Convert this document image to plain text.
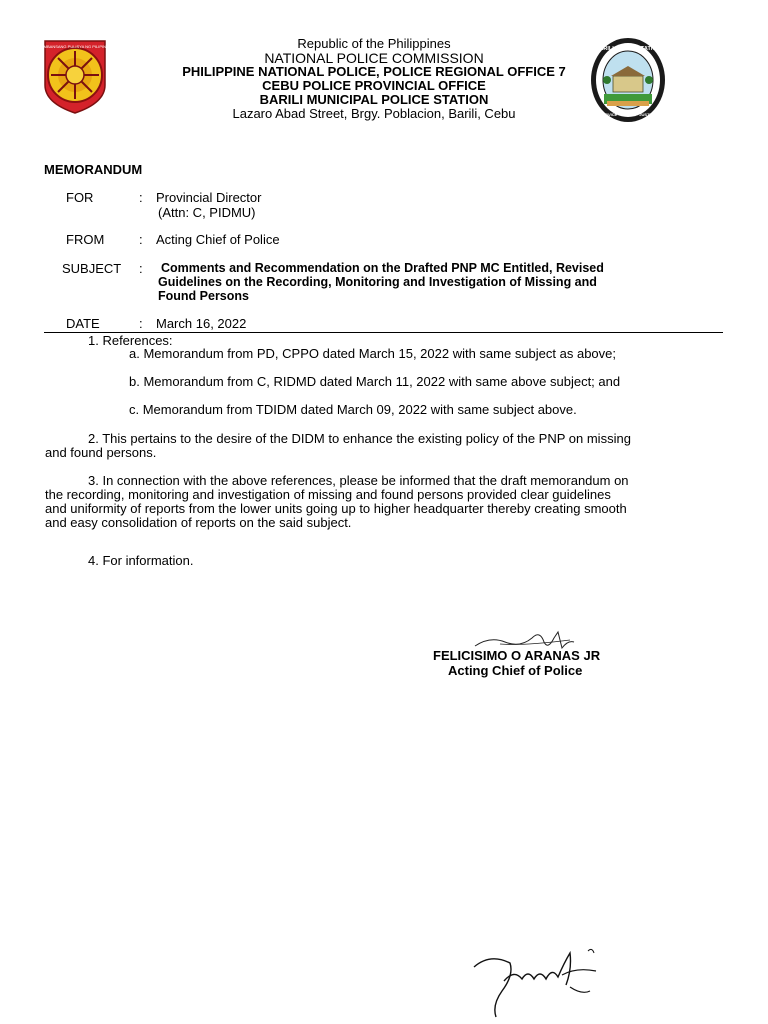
PAMBANSANG PULISYA NG PILIPINAS	BARILI POLICE STATION
SERVICE · HONOR · JUSTICE
Republic of the Philippines
NATIONAL POLICE COMMISSION
PHILIPPINE NATIONAL POLICE, POLICE REGIONAL OFFICE 7
CEBU POLICE PROVINCIAL OFFICE
BARILI MUNICIPAL POLICE STATION
Lazaro Abad Street, Brgy. Poblacion, Barili, Cebu
MEMORANDUM
FOR	: Provincial Director
(Attn: C, PIDMU)
FROM	: Acting Chief of Police
SUBJECT : Comments and Recommendation on the Drafted PNP MC Entitled, Revised
Guidelines on the Recording, Monitoring and Investigation of Missing and
Found Persons
DATE	: March 16, 2022
1. References:
a. Memorandum from PD, CPPO dated March 15, 2022 with same subject as above;
b. Memorandum from C, RIDMD dated March 11, 2022 with same above subject; and
c. Memorandum from TDIDM dated March 09, 2022 with same subject above.
2. This pertains to the desire of the DIDM to enhance the existing policy of the PNP on missing
and found persons.
3. In connection with the above references, please be informed that the draft memorandum on
the recording, monitoring and investigation of missing and found persons provided clear guidelines
and uniformity of reports from the lower units going up to higher headquarter thereby creating smooth
and easy consolidation of reports on the said subject.
4. For information.
FELICISIMO O ARANAS JR
Acting Chief of Police
